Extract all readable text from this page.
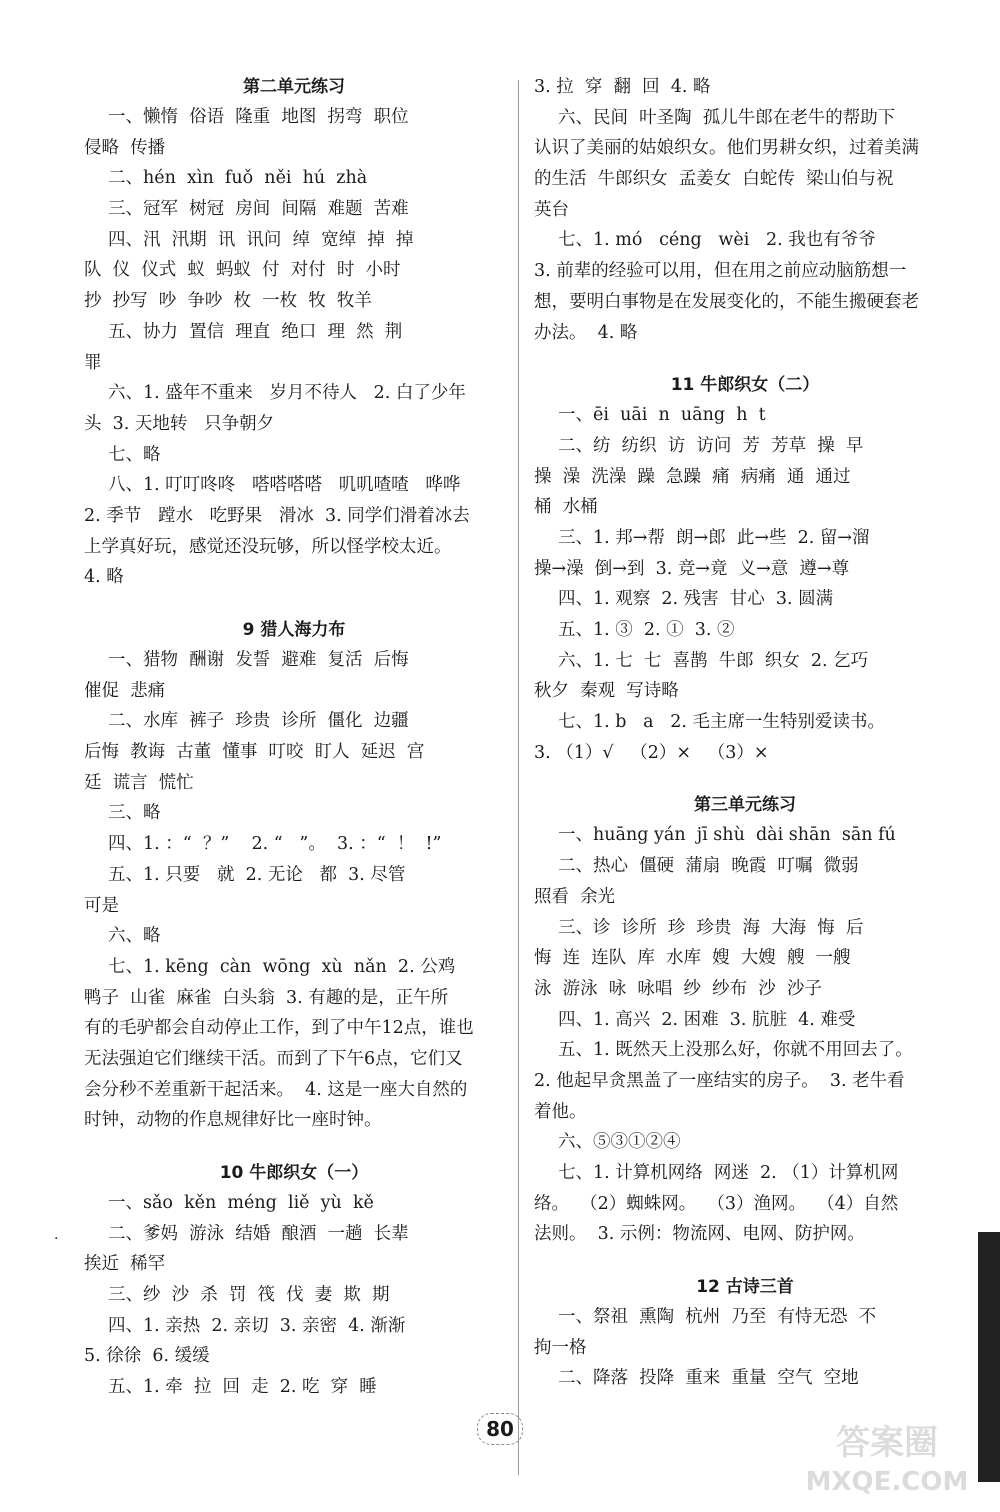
第二单元练习
一、懒惰  俗语  隆重  地图  拐弯  职位
侵略  传播
二、hén  xìn  fuǒ  něi  hú  zhà
三、冠军  树冠  房间  间隔  难题  苦难
四、汛  汛期  讯  讯问  绰  宽绰  掉  掉
队  仪  仪式  蚁  蚂蚁  付  对付  时  小时
抄  抄写  吵  争吵  枚  一枚  牧  牧羊
五、协力  置信  理直  绝口  理  然  荆
罪
六、1. 盛年不重来   岁月不待人   2. 白了少年
头  3. 天地转   只争朝夕
七、略
八、1. 叮叮咚咚   嗒嗒嗒嗒   叽叽喳喳   哗哗
2. 季节   蹚水   吃野果   滑冰  3. 同学们滑着冰去
上学真好玩，感觉还没玩够，所以怪学校太近。
4. 略
9 猎人海力布
一、猎物  酬谢  发誓  避难  复活  后悔
催促  悲痛
二、水库  裤子  珍贵  诊所  僵化  边疆
后悔  教诲  古董  懂事  叮咬  盯人  延迟  宫
廷  谎言  慌忙
三、略
四、1. ：“  ？”    2. “   ”。  3. ：“  ！  !”
五、1. 只要   就  2. 无论   都  3. 尽管
可是
六、略
七、1. kēng  càn  wōng  xù  nǎn  2. 公鸡
鸭子  山雀  麻雀  白头翁  3. 有趣的是，正午所
有的毛驴都会自动停止工作，到了中午12点，谁也
无法强迫它们继续干活。而到了下午6点，它们又
会分秒不差重新干起活来。  4. 这是一座大自然的
时钟，动物的作息规律好比一座时钟。
10 牛郎织女（一）
一、sǎo  kěn  méng  liě  yù  kě
二、爹妈  游泳  结婚  酿酒  一趟  长辈
挨近  稀罕
三、纱  沙  杀  罚  筏  伐  妻  欺  期
四、1. 亲热  2. 亲切  3. 亲密  4. 渐渐
5. 徐徐  6. 缓缓
五、1. 牵  拉  回  走  2. 吃  穿  睡
3. 拉  穿  翻  回  4. 略
六、民间  叶圣陶  孤儿牛郎在老牛的帮助下
认识了美丽的姑娘织女。他们男耕女织，过着美满
的生活  牛郎织女  孟姜女  白蛇传  梁山伯与祝
英台
七、1. mó   céng   wèi   2. 我也有爷爷
3. 前辈的经验可以用，但在用之前应动脑筋想一
想，要明白事物是在发展变化的，不能生搬硬套老
办法。  4. 略
11 牛郎织女（二）
一、ēi  uāi  n  uāng  h  t
二、纺  纺织  访  访问  芳  芳草  操  早
操  澡  洗澡  躁  急躁  痛  病痛  通  通过
桶  水桶
三、1. 邦→帮  朗→郎  此→些  2. 留→溜
操→澡  倒→到  3. 竞→竟  义→意  遵→尊
四、1. 观察  2. 残害  甘心  3. 圆满
五、1. ③  2. ①  3. ②
六、1. 七  七  喜鹊  牛郎  织女  2. 乞巧
秋夕  秦观  写诗略
七、1. b   a   2. 毛主席一生特别爱读书。
3. （1）√   （2）×   （3）×
第三单元练习
一、huāng yán  jī shù  dài shān  sān fú
二、热心  僵硬  蒲扇  晚霞  叮嘱  微弱
照看  余光
三、诊  诊所  珍  珍贵  海  大海  悔  后
悔  连  连队  库  水库  嫂  大嫂  艘  一艘
泳  游泳  咏  咏唱  纱  纱布  沙  沙子
四、1. 高兴  2. 困难  3. 肮脏  4. 难受
五、1. 既然天上没那么好，你就不用回去了。
2. 他起早贪黑盖了一座结实的房子。  3. 老牛看
着他。
六、⑤③①②④
七、1. 计算机网络  网迷  2. （1）计算机网
络。  （2）蜘蛛网。  （3）渔网。  （4）自然
法则。  3. 示例：物流网、电网、防护网。
12 古诗三首
一、祭祖  熏陶  杭州  乃至  有恃无恐  不
拘一格
二、降落  投降  重来  重量  空气  空地
·
80	答案圈
MXQE.COM
